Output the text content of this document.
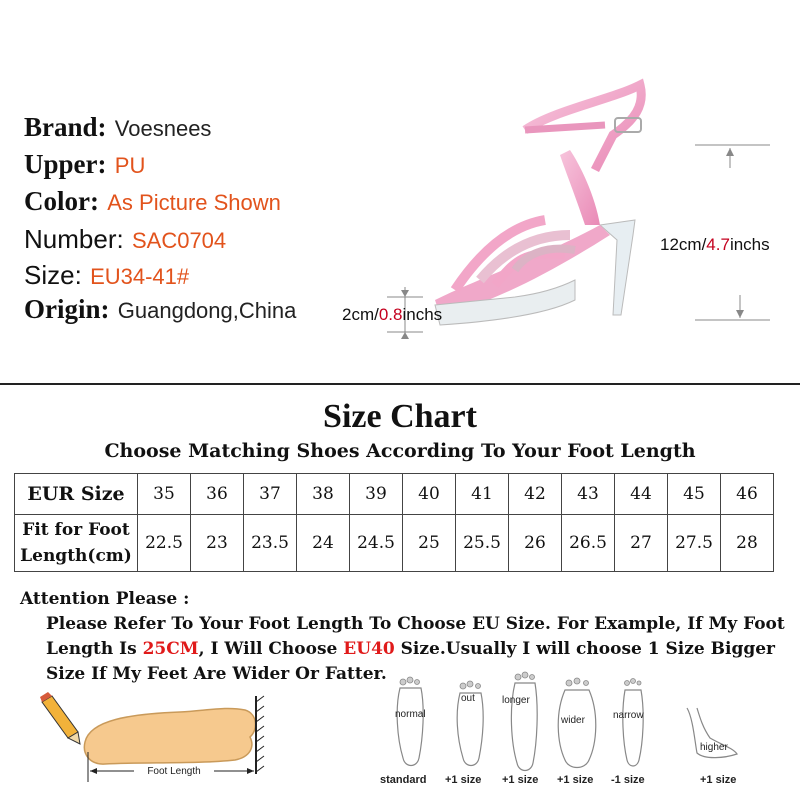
Brand: Voesnees
Upper: PU
Color: As Picture Shown
Number: SAC0704
Size: EU34-41#
Origin: Guangdong,China
12cm/4.7inchs
2cm/0.8inchs
Size Chart
Choose Matching Shoes According To Your Foot Length
EUR Size	35	36	37	38	39	40	41	42	43	44	45	46

Fit for Foot
Length(cm)	22.5	23	23.5	24	24.5	25	25.5	26	26.5	27	27.5	28
Attention Please :
Please Refer To Your Foot Length To Choose EU Size. For Example, If My Foot Length Is 25CM, I Will Choose EU40 Size.Usually I will choose 1 Size Bigger Size If My Feet Are Wider Or Fatter.
Foot Length
normal
out	longer
wider	narrow
higher
standard +1 size +1 size +1 size -1 size	+1 size
